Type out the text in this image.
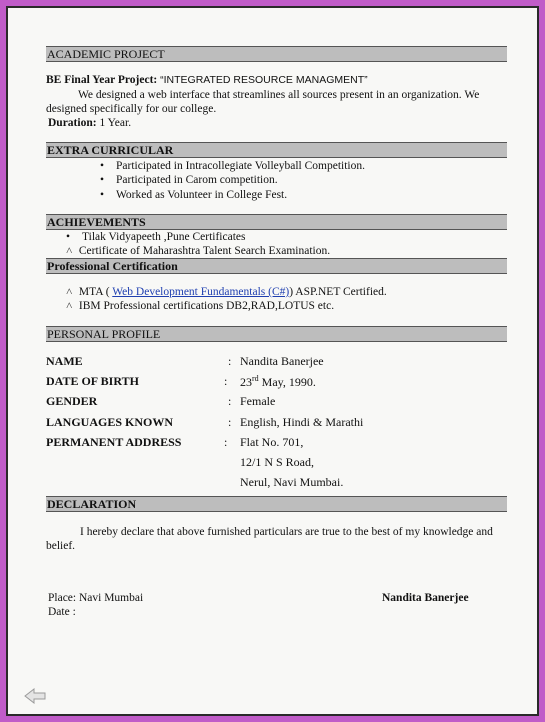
ACADEMIC PROJECT
BE Final Year Project: “INTEGRATED RESOURCE MANAGMENT”
We designed a web interface that streamlines all sources present in an organization. We
designed specifically for our college.
Duration: 1 Year.
EXTRA CURRICULAR
• Participated in Intracollegiate Volleyball Competition.
• Participated in Carom competition.
• Worked as Volunteer in College Fest.
ACHIEVEMENTS
• Tilak Vidyapeeth ,Pune Certificates
˄ Certificate of Maharashtra Talent Search Examination.
Professional Certification
˄ MTA ( Web Development Fundamentals (C#)) ASP.NET Certified.
˄ IBM Professional certifications DB2,RAD,LOTUS etc.
PERSONAL PROFILE
NAME	: Nandita Banerjee
DATE OF BIRTH	: 23rd May, 1990.
GENDER	: Female
LANGUAGES KNOWN	: English, Hindi & Marathi
PERMANENT ADDRESS	: Flat No. 701,
12/1 N S Road,
Nerul, Navi Mumbai.
DECLARATION
I hereby declare that above furnished particulars are true to the best of my knowledge and
belief.
Place: Navi Mumbai
Date :
Nandita Banerjee
